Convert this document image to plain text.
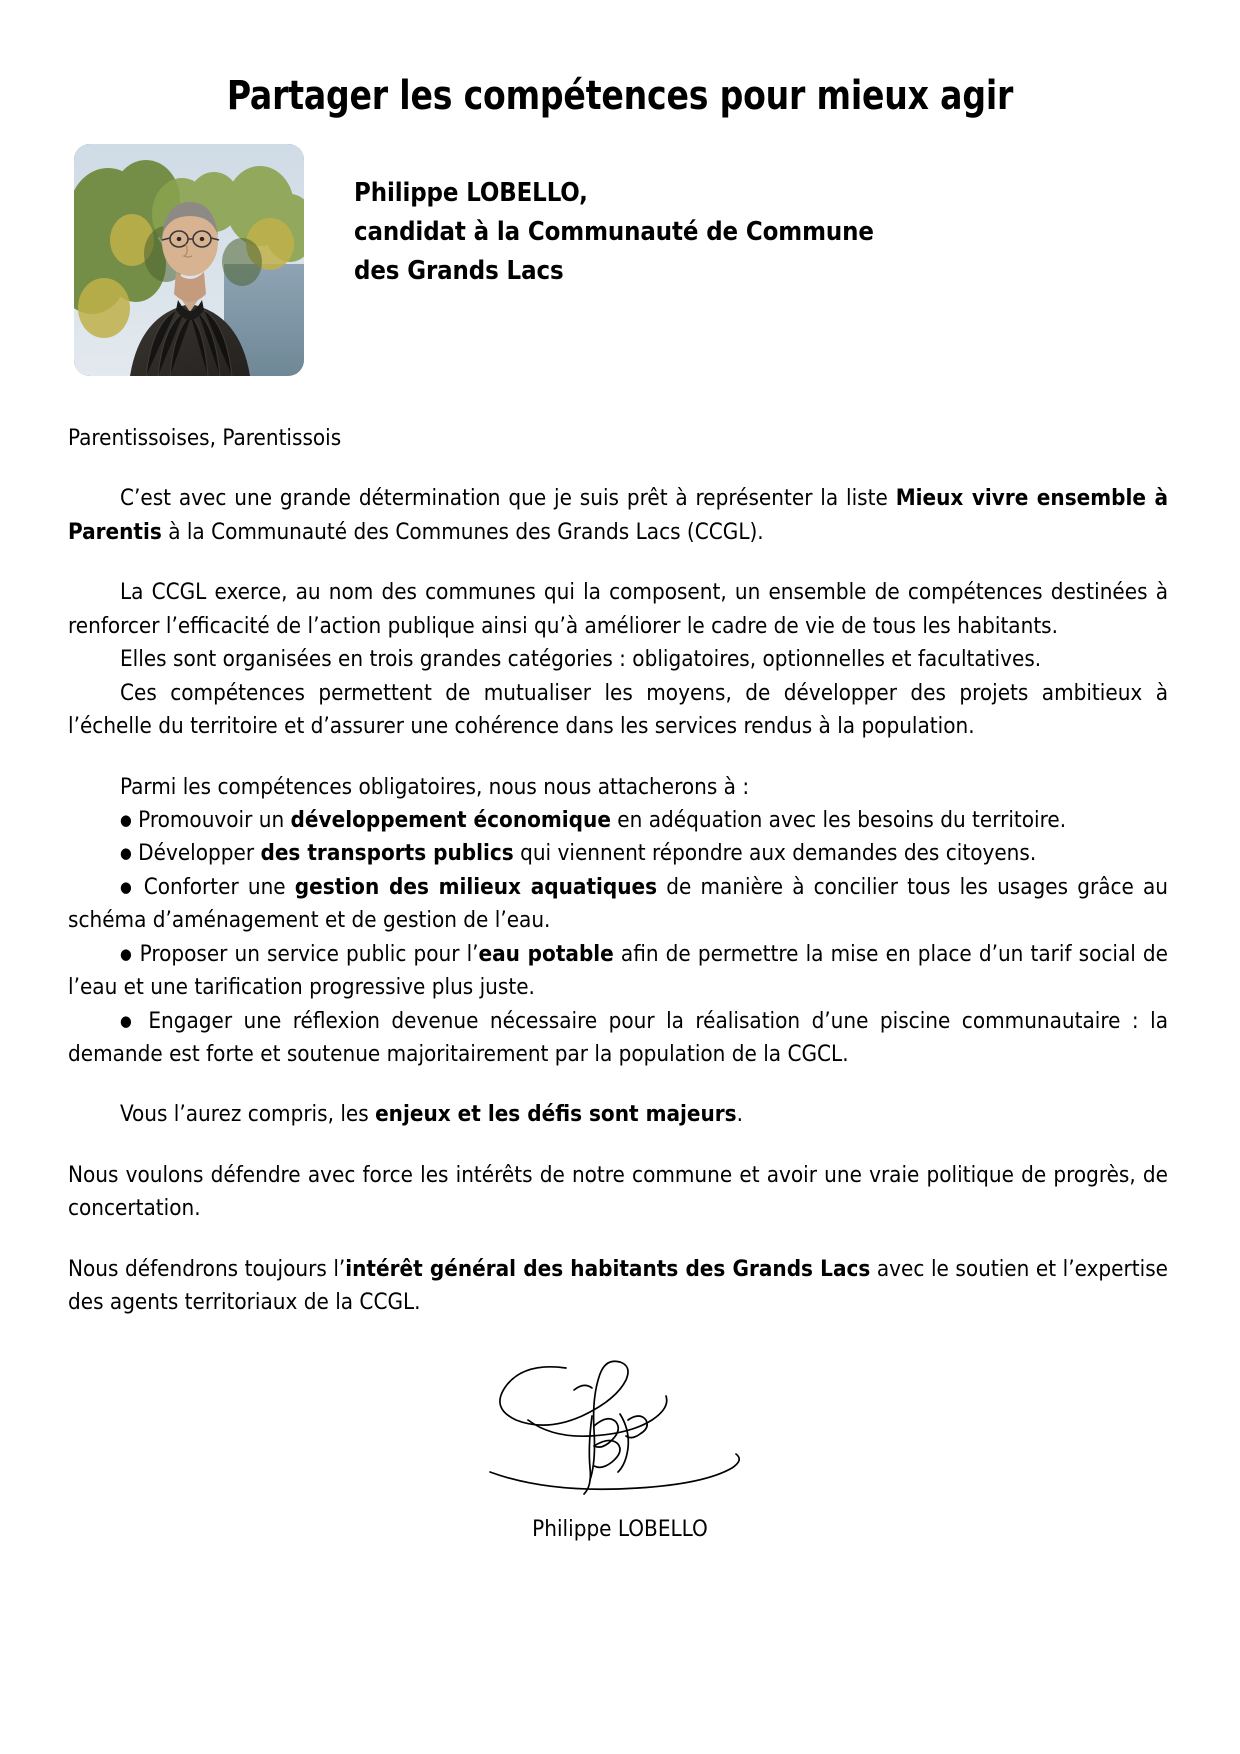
Partager les compétences pour mieux agir
Philippe LOBELLO,
candidat à la Communauté de Commune
des Grands Lacs

Parentissoises, Parentissois

C’est avec une grande détermination que je suis prêt à représenter la liste Mieux vivre ensemble à Parentis à la Communauté des Communes des Grands Lacs (CCGL).

La CCGL exerce, au nom des communes qui la composent, un ensemble de compétences destinées à renforcer l’efficacité de l’action publique ainsi qu’à améliorer le cadre de vie de tous les habitants.

Elles sont organisées en trois grandes catégories : obligatoires, optionnelles et facultatives.

Ces compétences permettent de mutualiser les moyens, de développer des projets ambitieux à l’échelle du territoire et d’assurer une cohérence dans les services rendus à la population.

Parmi les compétences obligatoires, nous nous attacherons à :

● Promouvoir un développement économique en adéquation avec les besoins du territoire.

● Développer des transports publics qui viennent répondre aux demandes des citoyens.

● Conforter une gestion des milieux aquatiques de manière à concilier tous les usages grâce au schéma d’aménagement et de gestion de l’eau.

● Proposer un service public pour l’eau potable afin de permettre la mise en place d’un tarif social de l’eau et une tarification progressive plus juste.

● Engager une réflexion devenue nécessaire pour la réalisation d’une piscine communautaire : la demande est forte et soutenue majoritairement par la population de la CGCL.

Vous l’aurez compris, les enjeux et les défis sont majeurs.

Nous voulons défendre avec force les intérêts de notre commune et avoir une vraie politique de progrès, de concertation.

Nous défendrons toujours l’intérêt général des habitants des Grands Lacs avec le soutien et l’expertise des agents territoriaux de la CCGL.

Philippe LOBELLO
